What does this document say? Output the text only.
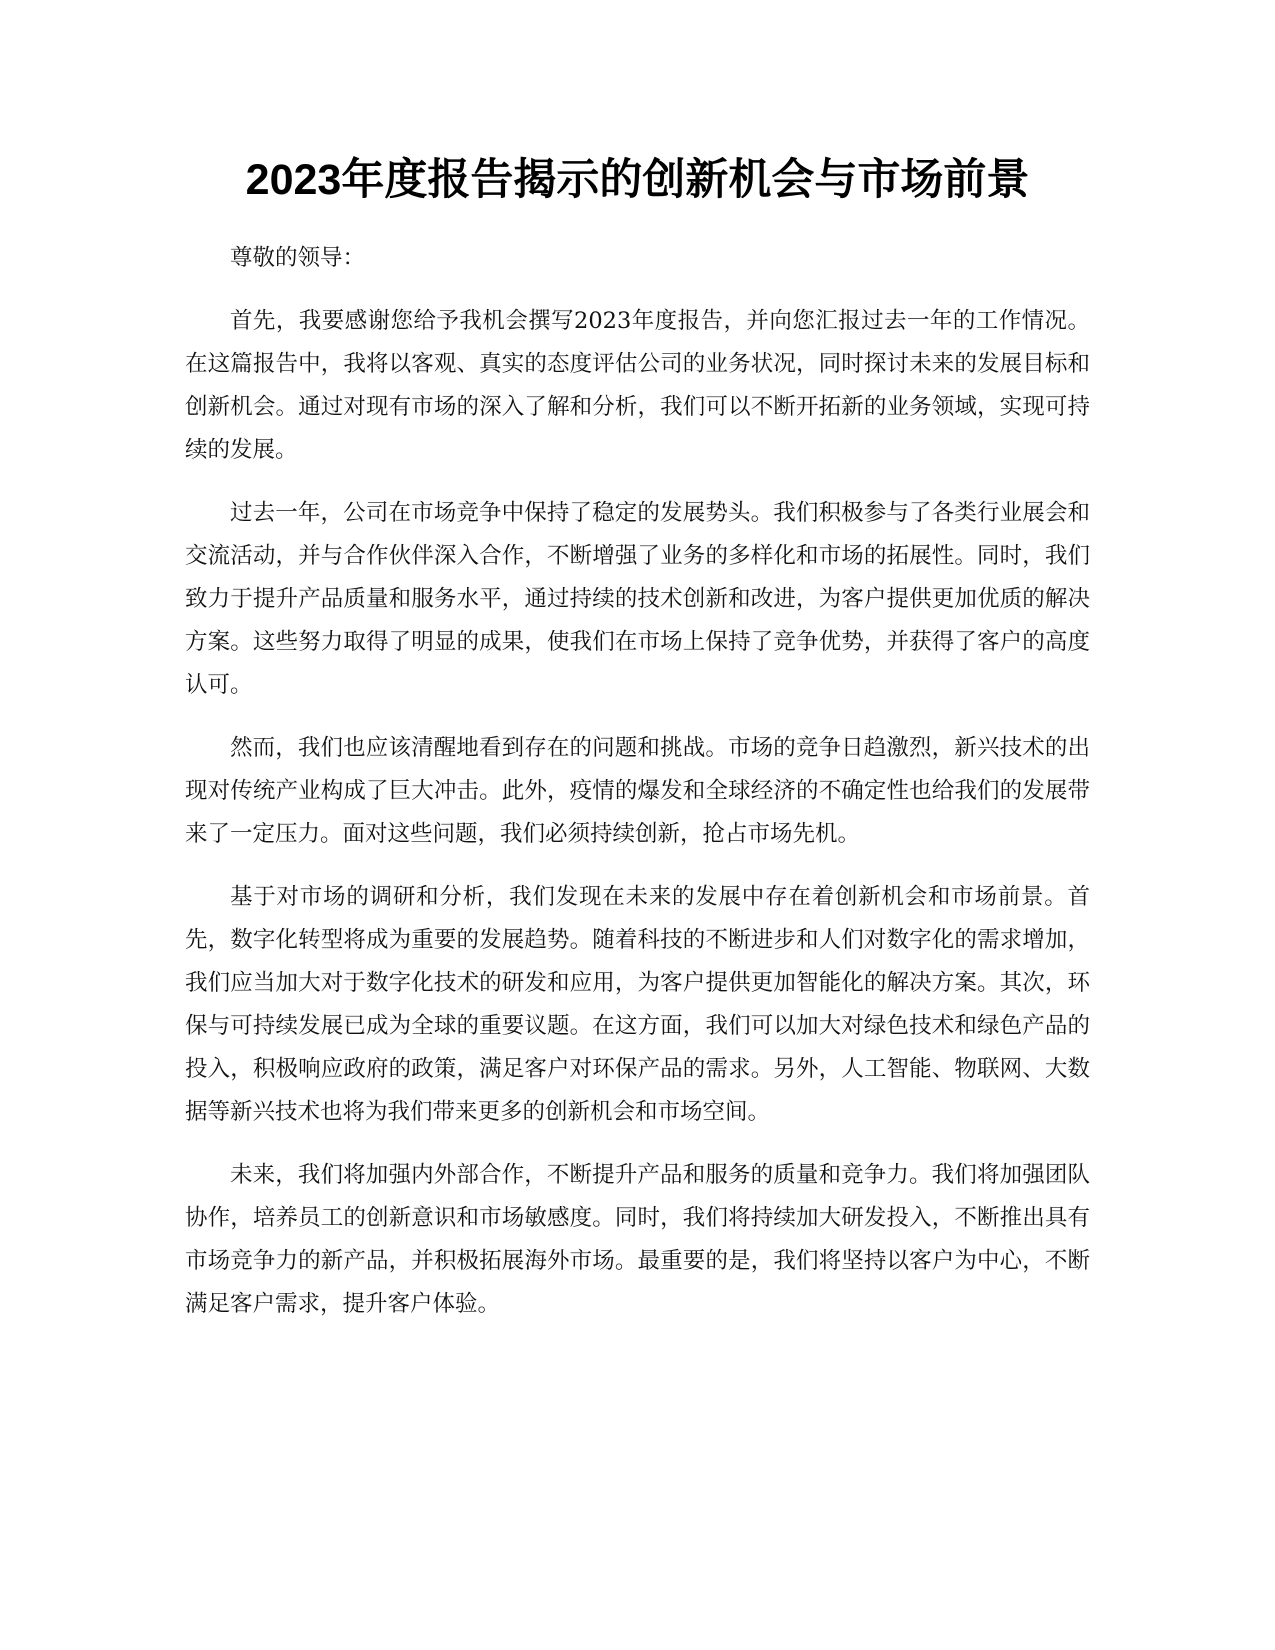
2023年度报告揭示的创新机会与市场前景

尊敬的领导：

首先，我要感谢您给予我机会撰写2023年度报告，并向您汇报过去一年的工作情况。在这篇报告中，我将以客观、真实的态度评估公司的业务状况，同时探讨未来的发展目标和创新机会。通过对现有市场的深入了解和分析，我们可以不断开拓新的业务领域，实现可持续的发展。

过去一年，公司在市场竞争中保持了稳定的发展势头。我们积极参与了各类行业展会和交流活动，并与合作伙伴深入合作，不断增强了业务的多样化和市场的拓展性。同时，我们致力于提升产品质量和服务水平，通过持续的技术创新和改进，为客户提供更加优质的解决方案。这些努力取得了明显的成果，使我们在市场上保持了竞争优势，并获得了客户的高度认可。

然而，我们也应该清醒地看到存在的问题和挑战。市场的竞争日趋激烈，新兴技术的出现对传统产业构成了巨大冲击。此外，疫情的爆发和全球经济的不确定性也给我们的发展带来了一定压力。面对这些问题，我们必须持续创新，抢占市场先机。

基于对市场的调研和分析，我们发现在未来的发展中存在着创新机会和市场前景。首先，数字化转型将成为重要的发展趋势。随着科技的不断进步和人们对数字化的需求增加，我们应当加大对于数字化技术的研发和应用，为客户提供更加智能化的解决方案。其次，环保与可持续发展已成为全球的重要议题。在这方面，我们可以加大对绿色技术和绿色产品的投入，积极响应政府的政策，满足客户对环保产品的需求。另外，人工智能、物联网、大数据等新兴技术也将为我们带来更多的创新机会和市场空间。

未来，我们将加强内外部合作，不断提升产品和服务的质量和竞争力。我们将加强团队协作，培养员工的创新意识和市场敏感度。同时，我们将持续加大研发投入，不断推出具有市场竞争力的新产品，并积极拓展海外市场。最重要的是，我们将坚持以客户为中心，不断满足客户需求，提升客户体验。
